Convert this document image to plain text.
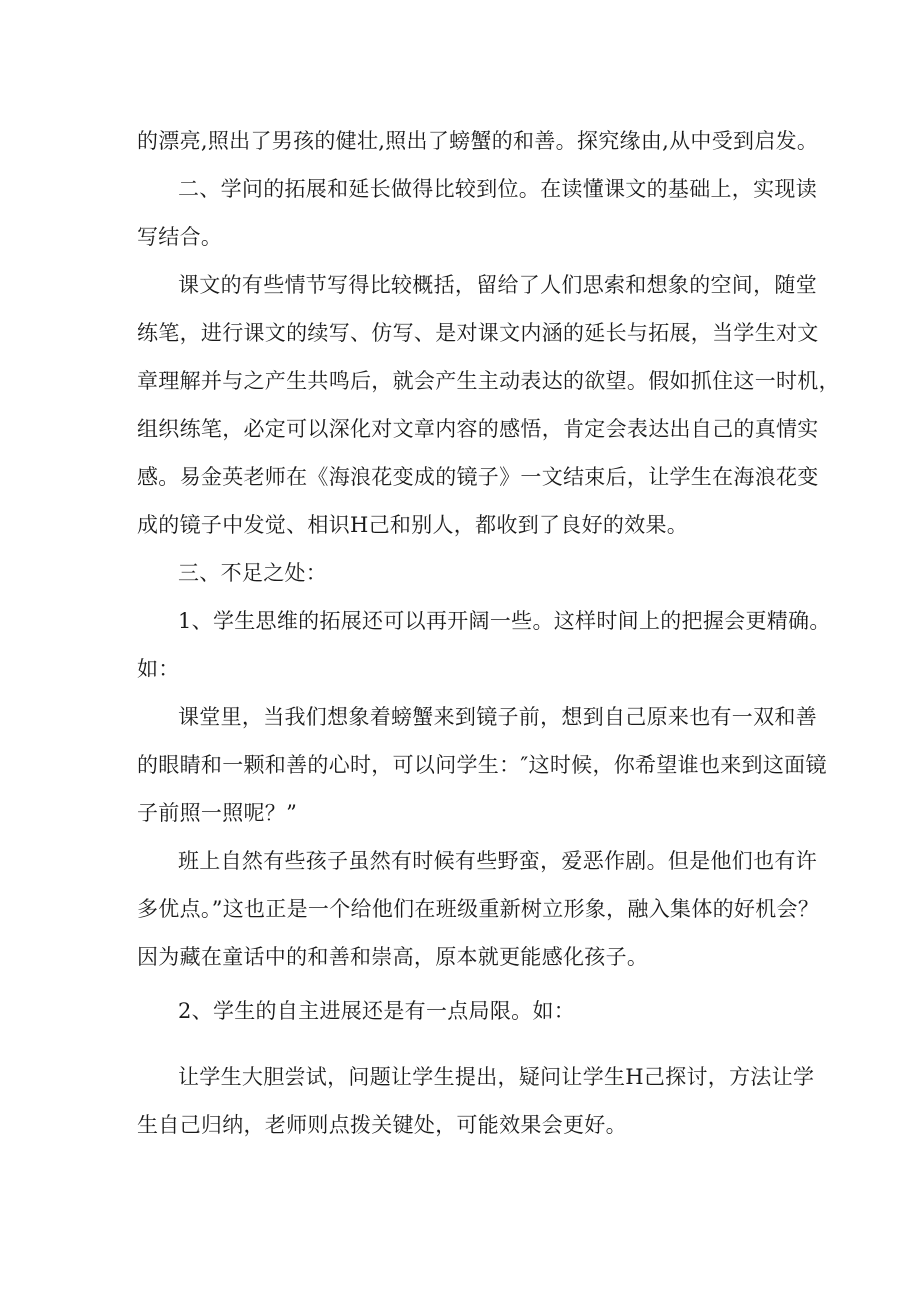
的漂亮,照出了男孩的健壮,照出了螃蟹的和善。探究缘由,从中受到启发。
二、学问的拓展和延长做得比较到位。在读懂课文的基础上，实现读
写结合。
课文的有些情节写得比较概括，留给了人们思索和想象的空间，随堂
练笔，进行课文的续写、仿写、是对课文内涵的延长与拓展，当学生对文
章理解并与之产生共鸣后，就会产生主动表达的欲望。假如抓住这一时机，
组织练笔，必定可以深化对文章内容的感悟，肯定会表达出自己的真情实
感。易金英老师在《海浪花变成的镜子》一文结束后，让学生在海浪花变
成的镜子中发觉、相识H己和别人，都收到了良好的效果。
三、不足之处：
1、学生思维的拓展还可以再开阔一些。这样时间上的把握会更精确。
如：
课堂里，当我们想象着螃蟹来到镜子前，想到自己原来也有一双和善
的眼睛和一颗和善的心时，可以问学生：″这时候，你希望谁也来到这面镜
子前照一照呢？”
班上自然有些孩子虽然有时候有些野蛮，爱恶作剧。但是他们也有许
多优点。”这也正是一个给他们在班级重新树立形象，融入集体的好机会？
因为藏在童话中的和善和崇高，原本就更能感化孩子。
2、学生的自主进展还是有一点局限。如：
让学生大胆尝试，问题让学生提出，疑问让学生H己探讨，方法让学
生自己归纳，老师则点拨关键处，可能效果会更好。
